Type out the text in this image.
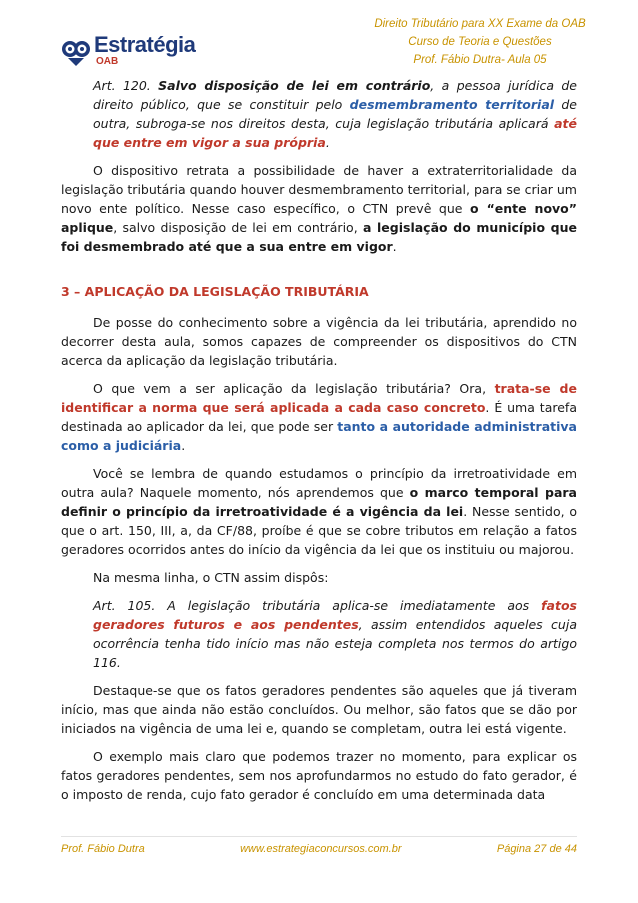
Direito Tributário para XX Exame da OAB
Curso de Teoria e Questões
Prof. Fábio Dutra- Aula 05
Estratégia
OAB

Art. 120. Salvo disposição de lei em contrário, a pessoa jurídica de direito público, que se constituir pelo desmembramento territorial de outra, subroga-se nos direitos desta, cuja legislação tributária aplicará até que entre em vigor a sua própria.

O dispositivo retrata a possibilidade de haver a extraterritorialidade da legislação tributária quando houver desmembramento territorial, para se criar um novo ente político. Nesse caso específico, o CTN prevê que o “ente novo” aplique, salvo disposição de lei em contrário, a legislação do município que foi desmembrado até que a sua entre em vigor.

3 – APLICAÇÃO DA LEGISLAÇÃO TRIBUTÁRIA

De posse do conhecimento sobre a vigência da lei tributária, aprendido no decorrer desta aula, somos capazes de compreender os dispositivos do CTN acerca da aplicação da legislação tributária.

O que vem a ser aplicação da legislação tributária? Ora, trata-se de identificar a norma que será aplicada a cada caso concreto. É uma tarefa destinada ao aplicador da lei, que pode ser tanto a autoridade administrativa como a judiciária.

Você se lembra de quando estudamos o princípio da irretroatividade em outra aula? Naquele momento, nós aprendemos que o marco temporal para definir o princípio da irretroatividade é a vigência da lei. Nesse sentido, o que o art. 150, III, a, da CF/88, proíbe é que se cobre tributos em relação a fatos geradores ocorridos antes do início da vigência da lei que os instituiu ou majorou.

Na mesma linha, o CTN assim dispôs:

Art. 105. A legislação tributária aplica-se imediatamente aos fatos geradores futuros e aos pendentes, assim entendidos aqueles cuja ocorrência tenha tido início mas não esteja completa nos termos do artigo 116.

Destaque-se que os fatos geradores pendentes são aqueles que já tiveram início, mas que ainda não estão concluídos. Ou melhor, são fatos que se dão por iniciados na vigência de uma lei e, quando se completam, outra lei está vigente.

O exemplo mais claro que podemos trazer no momento, para explicar os fatos geradores pendentes, sem nos aprofundarmos no estudo do fato gerador, é o imposto de renda, cujo fato gerador é concluído em uma determinada data

Prof. Fábio Dutra	www.estrategiaconcursos.com.br	Página 27 de 44
